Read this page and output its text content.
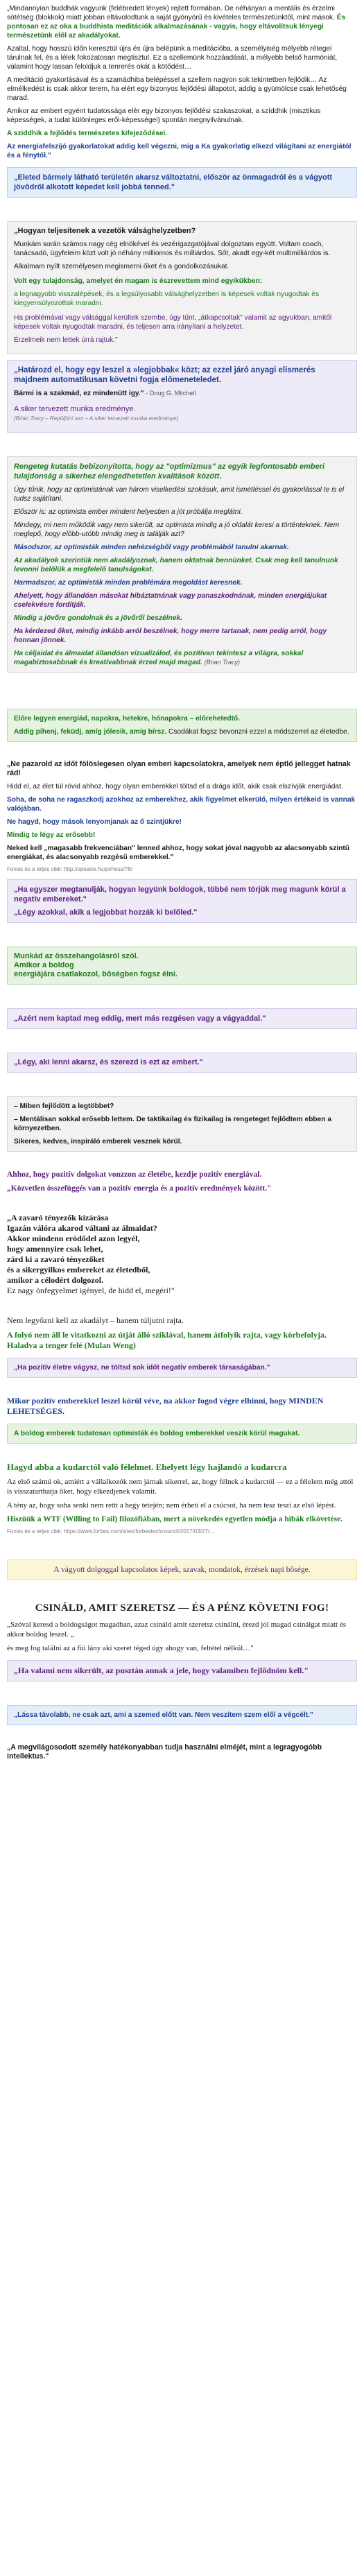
„Mindannyian buddhák vagyunk (felébredett lények) rejtett formában. De néhányan a mentális és érzelmi sötétség (blokkok) miatt jobban eltávolodtunk a saját gyönyörű és kivételes természetünktől, mint mások. És pontosan ez az oka a buddhista meditációk alkalmazásának - vagyis, hogy eltávolítsuk lényegi természetünk elől az akadályokat.

Azaltal, hogy hosszú időn keresztül újra és újra belépünk a meditációba, a személyiség mélyebb rétegei tárulnak fel, és a lélek fokozatosan megtisztul. Ez a szellemünk hozzáadását, a mélyebb belső harmóniát, valamint hogy lassan feloldjuk a tenrerés okát a kötődést…

A meditáció gyakorlásával és a szamádhiba belépéssel a szellem nagyon sok tekintetben fejlődik… Az elmélkedést is csak akkor terem, ha elért egy bizonyos fejlődési állapotot, addig a gyümölcse csak lehetőség marad.

Amikor az embert egyént tudatossága elér egy bizonyos fejlődési szakaszokat, a szíddhik (misztikus képességek, a tudat különleges erői-képességei) spontán megnyilvánulnak.

A sziddhik a fejlődés természetes kifejeződései.

Az energiafelszíjó gyakorlatokat addig kell végezni, míg a Ka gyakorlatig elkezd világítani az energiától és a fénytől."

„Eleted bármely látható területén akarsz változtatni, először az önmagadról és a vágyott jövődről alkotott képedet kell jobbá tenned."

„Hogyan teljesítenek a vezetők válsághelyzetben?

Munkám során számos nagy cég elnökével és vezérigazgatójával dolgoztam együtt. Voltam coach, tanácsadó, ügyfeleim közt volt jó néhány milliomos és milliárdos. Sőt, akadt egy-két multimilliárdos is.

Alkalmam nyílt személyesen megismerni őket és a gondolkozásukat.

Volt egy tulajdonság, amelyet én magam is észrevettem mind egyikükben:

a legnagyobb visszalépések, és a legsúlyosabb válsághelyzetben is képesek voltak nyugodtak és kiegyensúlyozottak maradni.

Ha problémával vagy válsággal kerültek szembe, úgy tűnt, „átkapcsoltak" valamit az agyukban, amitől képesek voltak nyugodtak maradni, és teljesen arra irányítani a helyzetet.

Érzelmeik nem lettek úrrá rajtuk."

„Határozd el, hogy egy leszel a »legjobbak« közt; az ezzel járó anyagi elismerés majdnem automatikusan követni fogja előmeneteledet.

Bármi is a szakmád, ez mindenütt így." - Doug G. Mitchell

A siker tervezett munka eredménye.

(Brian Tracy – Repüljön! sex – A siker tervezett munka eredménye)

Rengeteg kutatás bebizonyította, hogy az "optimizmus" az egyik legfontosabb emberi tulajdonság a sikerhez elengedhetetlen kvalitások között.

Úgy tűnik, hogy az optimistának van három viselkedési szokásuk, amit ismétléssel és gyakorlással te is el tudsz sajátítani.

Először is: az optimista ember mindent helyesben a jót próbálja meglátni.

Mindegy, mi nem működik vagy nem sikerült, az optimista mindig a jó oldalát keresi a történteknek. Nem meglepő, hogy előbb-utóbb mindig meg is találják azt?

Másodszor, az optimisták minden nehézségből vagy problémából tanulni akarnak.

Az akadályok szerintük nem akadályoznak, hanem oktatnak bennünket. Csak meg kell tanulnunk levonni belőlük a megfelelő tanulságokat.

Harmadszor, az optimisták minden problémára megoldást keresnek.

Ahelyett, hogy állandóan másokat hibáztatnának vagy panaszkodnának, minden energiájukat cselekvésre fordítják.

Mindig a jövőre gondolnak és a jövőről beszélnek.

Ha kérdezed őket, mindig inkább arról beszélnek, hogy merre tartanak, nem pedig arról, hogy honnan jönnek.

Ha céljaidat és álmaidat állandóan vizualizálod, és pozitívan tekintesz a világra, sokkal magabiztosabbnak és kreatívabbnak érzed majd magad. (Brian Tracy)

Előre legyen energiád, napokra, hetekre, hónapokra – előrehetedtő.

Addig pihenj, feküdj, amíg jólesik, amíg bírsz. Csodákat fogsz bevonzni ezzel a módszerrel az életedbe.

„Ne pazarold az időt fölöslegesen olyan emberi kapcsolatokra, amelyek nem éptlő jellegget hatnak rád!

Hidd el, az élet túl rövid ahhoz, hogy olyan emberekkel töltsd el a drága időt, akik csak elszívják energiádat.

Soha, de soha ne ragaszkodj azokhoz az emberekhez, akik figyelmet elkerülő, milyen értékeid is vannak valójában.

Ne hagyd, hogy mások lenyomjanak az ő szintjükre!

Mindig te légy az erősebb!

Neked kell „magasabb frekvenciában" lenned ahhoz, hogy sokat jóval nagyobb az alacsonyabb szintű energiákat, és alacsonyabb rezgésű emberekkel."

Forrás és a teljes cikk: http://spoarte.hu/pirhess/78/

„Ha egyszer megtanulják, hogyan legyünk boldogok, többé nem törjük meg magunk körül a negatív embereket."

„Légy azokkal, akik a legjobbat hozzák ki belőled."

Munkád az összehangolásról szól.

Amikor a boldog

energiájára csatlakozol, bőségben fogsz élni.

„Azért nem kaptad meg eddig, mert más rezgésen vagy a vágyaddal."

„Légy, aki lenni akarsz, és szerezd is ezt az embert."

– Miben fejlődött a legtöbbet?

– Mentálisan sokkal erősebb lettem. De taktikailag és fizikailag is rengeteget fejlődtem ebben a környezetben.

Sikeres, kedves, inspiráló emberek vesznek körül.

Ahhoz, hogy pozitív dolgokat vonzzon az életébe, kezdje pozitív energiával.

„Közvetlen összefüggés van a pozitív energia és a pozitív eredmények között."

„A zavaró tényezők kizárása

Igazán válóra akarod váltani az álmaidat?

Akkor mindenn eródődel azon legyél,

hogy amennyire csak lehet,

zárd ki a zavaró tényezőket

és a sikergyilkos embereket az életedből,

amikor a célodért dolgozol.

Ez nagy önfegyelmet igényel, de hidd el, megéri!"

Nem legyőzni kell az akadályt – hanem túljutni rajta.

A folyó nem áll le vitatkozni az útját álló sziklával, hanem átfolyik rajta, vagy körbefolyja. Haladva a tenger felé (Mulan Weng)

„Ha pozitív életre vágysz, ne töltsd sok időt negatív emberek társaságában."

Mikor pozitív emberekkel leszel körül véve, na akkor fogod végre elhinni, hogy MINDEN LEHETSÉGES.

A boldog emberek tudatosan optimisták és boldog emberekkel veszik körül magukat.

Hagyd abba a kudarctól való félelmet. Ehelyett légy hajlandó a kudarcra

Az első számú ok, amiért a vállalkozók nem járnak sikerrel, az, hogy félnek a kudarctól — ez a félelem még attól is visszatarthatja őket, hogy elkezdjenek valamit.

A tény az, hogy soha senki nem rettt a hegy tetején; nem érheti el a csúcsot, ha nem tesz teszi az első lépést.

Hiszüük a WTF (Willing to Fail) filozófiában, mert a növekedés egyetlen módja a hibák elkövetése.

Forrás és a teljes cikk: https://www.forbes.com/sites/forbestechcouncil/2017/03/27/...

A vágyott dolgoggal kapcsolatos képek, szavak, mondatok, érzések napi bősége.

CSINÁLD, AMIT SZERETSZ — ÉS A PÉNZ KÖVETNI FOG!

„Szóval keresd a boldogságot magadban, azaz csináld amit szeretsz csinálni, érezd jól magad csinálgat miatt és akkor boldog leszel. „

és meg fog találni az a fiú lány aki szeret téged úgy ahogy van, feltétel nélkül…"

„Ha valami nem sikerült, az pusztán annak a jele, hogy valamiben fejlődnöm kell."

„Lássa távolabb, ne csak azt, ami a szemed előtt van. Nem veszítem szem elől a végcélt."

„A megvilágosodott személy hatékonyabban tudja használni elméjét, mint a legragyogóbb intellektus."
